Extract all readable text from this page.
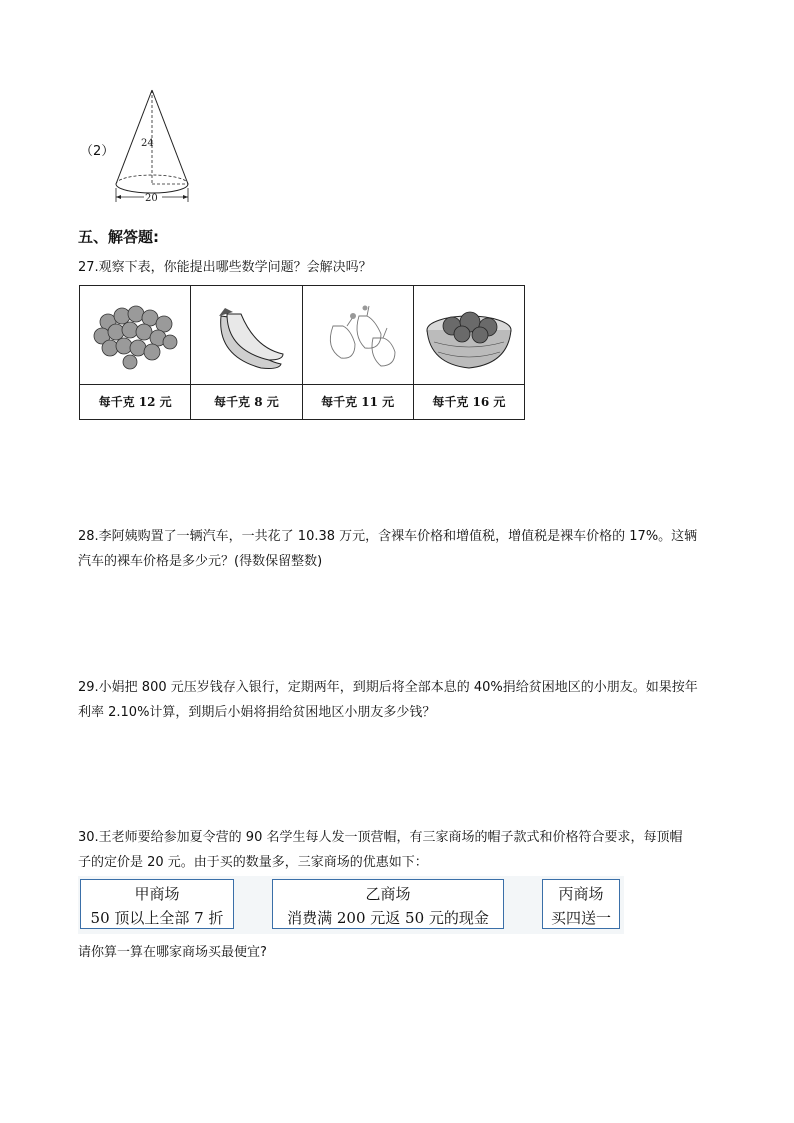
（2）
24
20
五、解答题:
27.观察下表，你能提出哪些数学问题？会解决吗？
每千克 12 元	每千克 8 元	每千克 11 元	每千克 16 元
28.李阿姨购置了一辆汽车，一共花了 10.38 万元，含裸车价格和增值税，增值税是裸车价格的 17%。这辆
汽车的裸车价格是多少元？(得数保留整数)
29.小娟把 800 元压岁钱存入银行，定期两年，到期后将全部本息的 40%捐给贫困地区的小朋友。如果按年
利率 2.10%计算，到期后小娟将捐给贫困地区小朋友多少钱？
30.王老师要给参加夏令营的 90 名学生每人发一顶营帽，有三家商场的帽子款式和价格符合要求，每顶帽
子的定价是 20 元。由于买的数量多，三家商场的优惠如下：
甲商场
50 顶以上全部 7 折
乙商场
消费满 200 元返 50 元的现金
丙商场
买四送一
请你算一算在哪家商场买最便宜?
